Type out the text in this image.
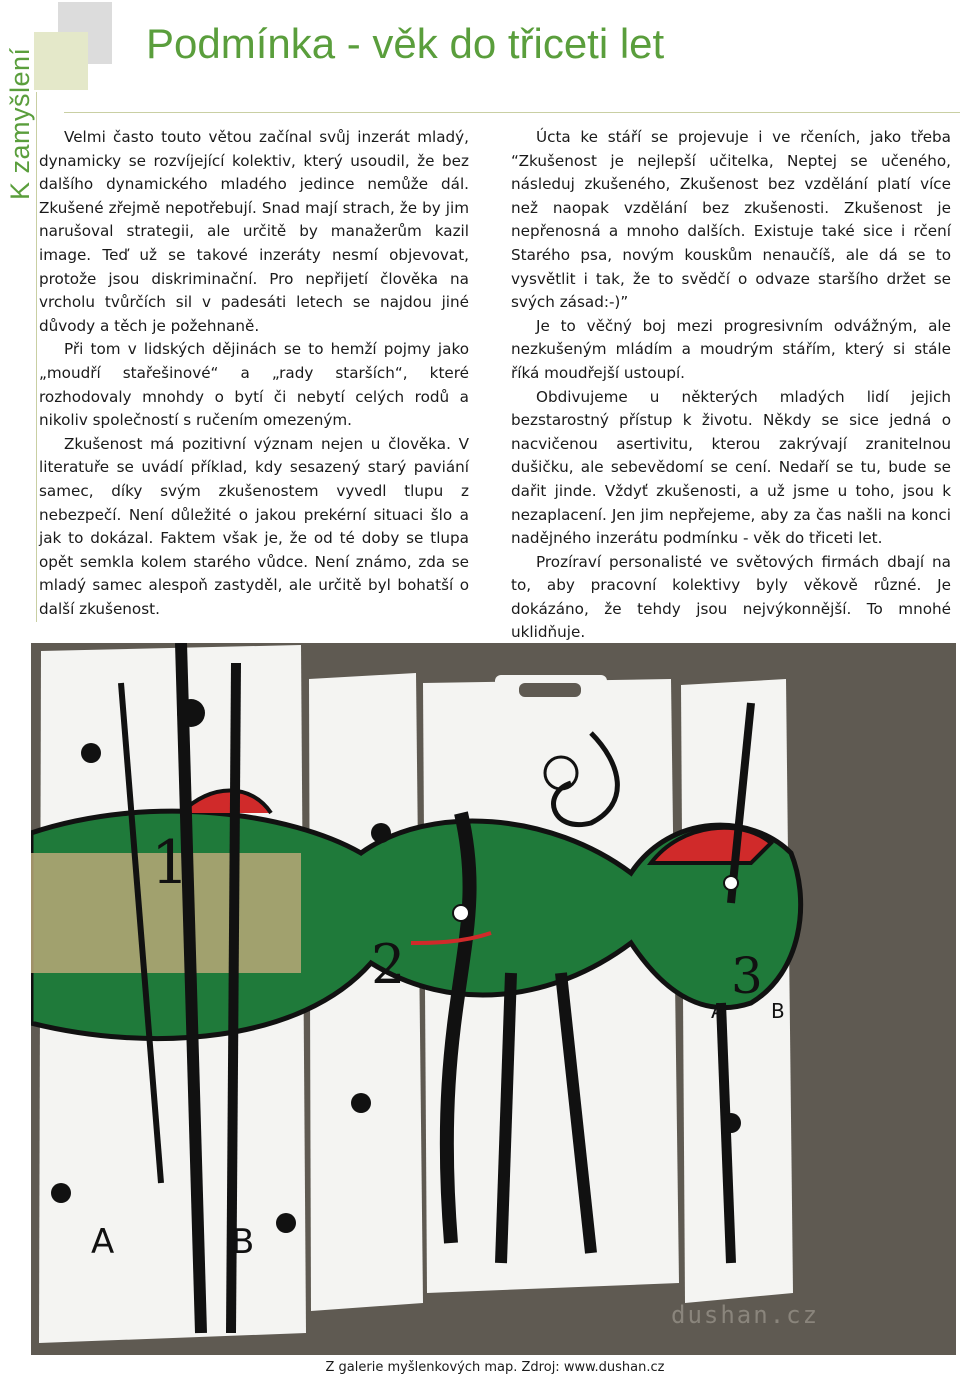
K zamyšlení
Podmínka - věk do třiceti let

Velmi často touto větou začínal svůj inzerát mladý, dynamicky se rozvíjející kolektiv, který usoudil, že bez dalšího dynamického mladého jedince nemůže dál. Zkušené zřejmě nepotřebují. Snad mají strach, že by jim narušoval strategii, ale určitě by manažerům kazil image. Teď už se takové inzeráty nesmí objevovat, protože jsou diskriminační. Pro nepřijetí člověka na vrcholu tvůrčích sil v padesáti letech se najdou jiné důvody a těch je požehnaně.

Při tom v lidských dějinách se to hemží pojmy jako „moudří stařešinové“ a „rady starších“, které rozhodovaly mnohdy o bytí či nebytí celých rodů a nikoliv společností s ručením omezeným.

Zkušenost má pozitivní význam nejen u člověka. V literatuře se uvádí příklad, kdy sesazený starý paviání samec, díky svým zkušenostem vyvedl tlupu z nebezpečí. Není důležité o jakou prekérní situaci šlo a jak to dokázal. Faktem však je, že od té doby se tlupa opět semkla kolem starého vůdce. Není známo, zda se mladý samec alespoň zastyděl, ale určitě byl bohatší o další zkušenost.

Úcta ke stáří se projevuje i ve rčeních, jako třeba “Zkušenost je nejlepší učitelka, Neptej se učeného, následuj zkušeného, Zkušenost bez vzdělání platí více než naopak vzdělání bez zkušenosti. Zkušenost je nepřenosná a mnoho dalších. Existuje také sice i rčení Starého psa, novým kouskům nenaučíš, ale dá se to vysvětlit i tak, že to svědčí o odvaze staršího držet se svých zásad:-)”

Je to věčný boj mezi progresivním odvážným, ale nezkušeným mládím a moudrým stářím, který si stále říká moudřejší ustoupí.

Obdivujeme u některých mladých lidí jejich bezstarostný přístup k životu. Někdy se sice jedná o nacvičenou asertivitu, kterou zakrývají zranitelnou dušičku, ale sebevědomí se cení. Nedaří se tu, bude se dařit jinde. Vždyť zkušenosti, a už jsme u toho, jsou k nezaplacení. Jen jim nepřejeme, aby za čas našli na konci nadějného inzerátu podmínku - věk do třiceti let.

Prozíraví personalisté ve světových firmách dbají na to, aby pracovní kolektivy byly věkově různé. Je dokázáno, že tehdy jsou nejvýkonnější. To mnohé uklidňuje.

1
2	3
A	B
A B
dushan.cz
Z galerie myšlenkových map. Zdroj: www.dushan.cz
